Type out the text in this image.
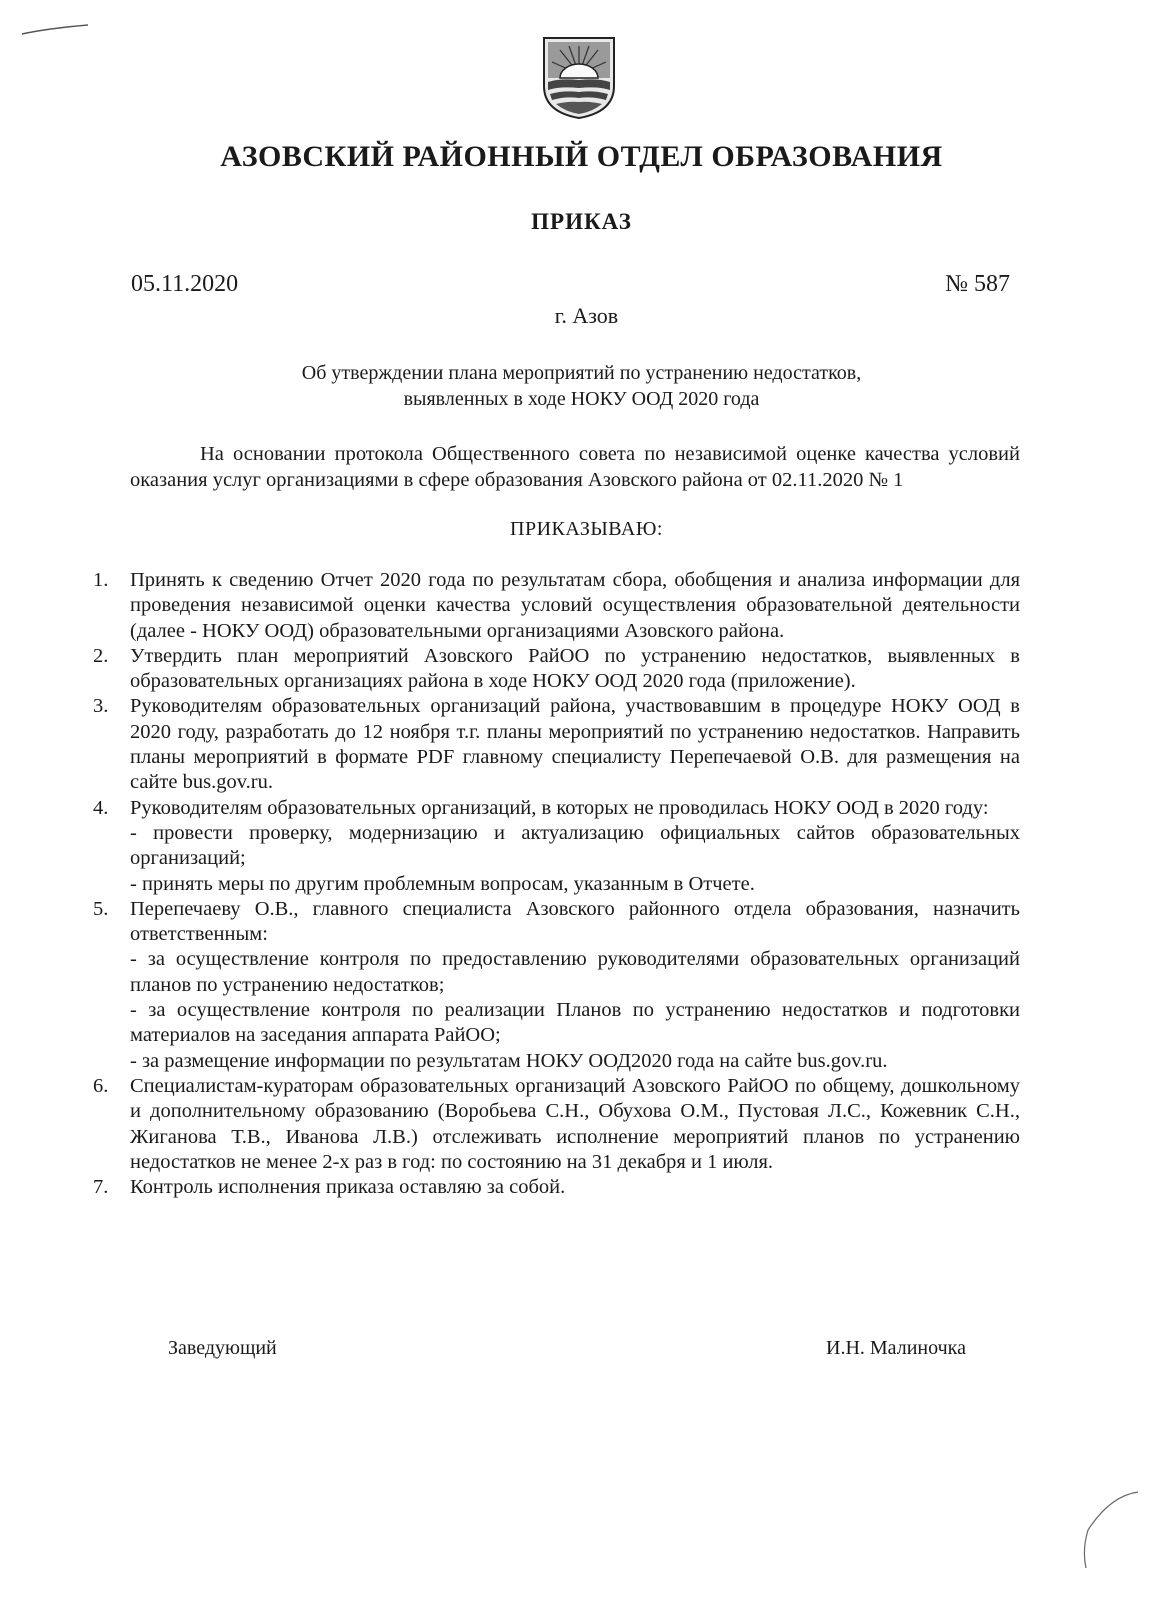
АЗОВСКИЙ РАЙОННЫЙ ОТДЕЛ ОБРАЗОВАНИЯ
ПРИКАЗ
05.11.2020	№ 587
г. Азов
Об утверждении плана мероприятий по устранению недостатков,
выявленных в ходе НОКУ ООД 2020 года
На основании протокола Общественного совета по независимой оценке качества условий оказания услуг организациями в сфере образования Азовского района от 02.11.2020 № 1
ПРИКАЗЫВАЮ:
1.	Принять к сведению Отчет 2020 года по результатам сбора, обобщения и анализа информации для проведения независимой оценки качества условий осуществления образовательной деятельности (далее - НОКУ ООД) образовательными организациями Азовского района.
2.	Утвердить план мероприятий Азовского РайОО по устранению недостатков, выявленных в образовательных организациях района в ходе НОКУ ООД 2020 года (приложение).
3.	Руководителям образовательных организаций района, участвовавшим в процедуре НОКУ ООД в 2020 году, разработать до 12 ноября т.г. планы мероприятий по устранению недостатков. Направить планы мероприятий в формате PDF главному специалисту Перепечаевой О.В. для размещения на сайте bus.gov.ru.
4.	Руководителям образовательных организаций, в которых не проводилась НОКУ ООД в 2020 году:
- провести проверку, модернизацию и актуализацию официальных сайтов образовательных организаций;
- принять меры по другим проблемным вопросам, указанным в Отчете.
5.	Перепечаеву О.В., главного специалиста Азовского районного отдела образования, назначить ответственным:
- за осуществление контроля по предоставлению руководителями образовательных организаций планов по устранению недостатков;
- за осуществление контроля по реализации Планов по устранению недостатков и подготовки материалов на заседания аппарата РайОО;
- за размещение информации по результатам НОКУ ООД2020 года на сайте bus.gov.ru.
6.	Специалистам-кураторам образовательных организаций Азовского РайОО по общему, дошкольному и дополнительному образованию (Воробьева С.Н., Обухова О.М., Пустовая Л.С., Кожевник С.Н., Жиганова Т.В., Иванова Л.В.) отслеживать исполнение мероприятий планов по устранению недостатков не менее 2-х раз в год: по состоянию на 31 декабря и 1 июля.
7.	Контроль исполнения приказа оставляю за собой.
Заведующий	И.Н. Малиночка
